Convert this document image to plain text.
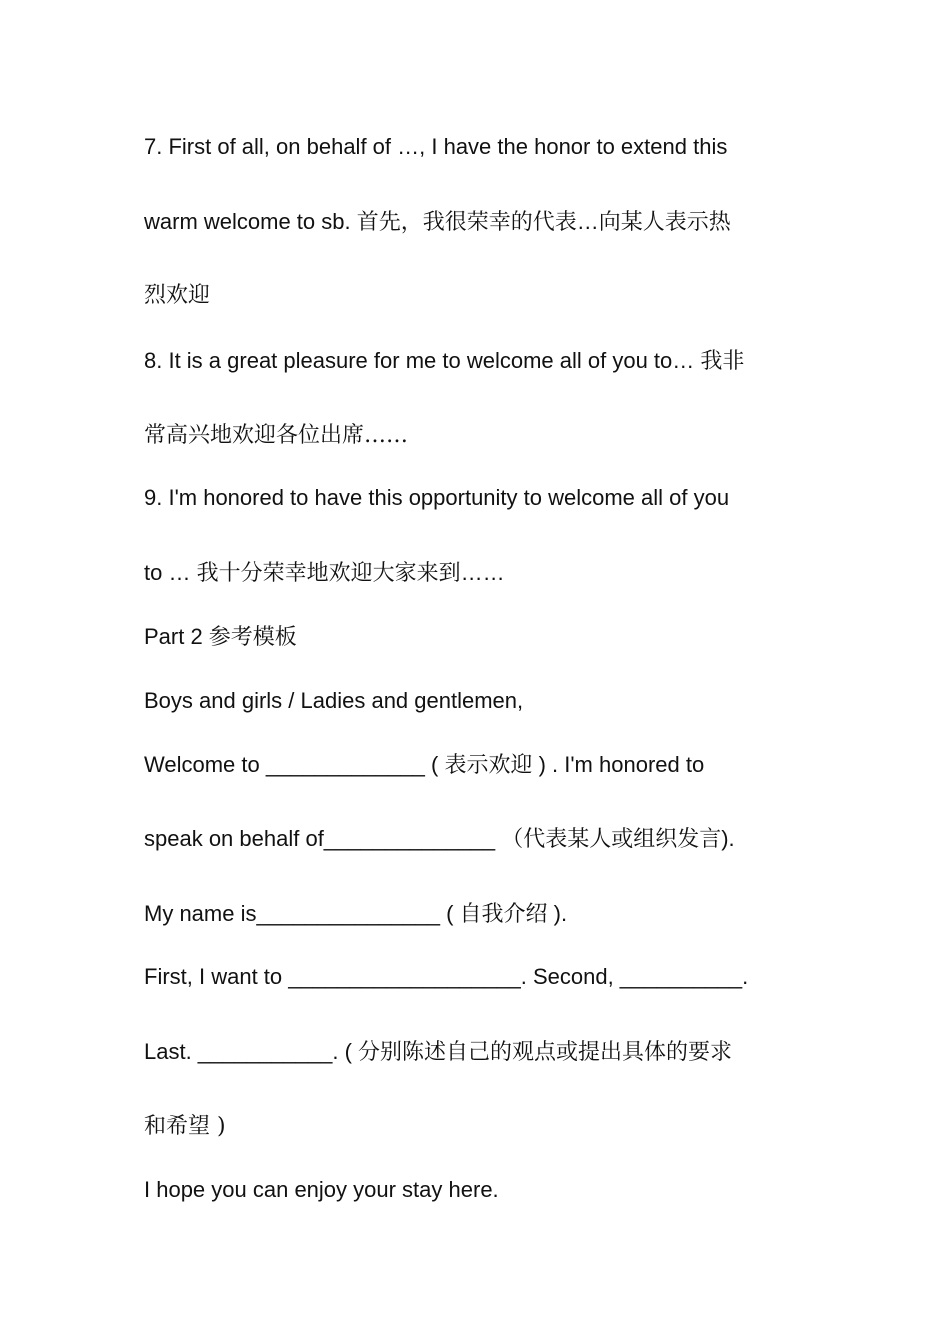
7. First of all, on behalf of …, I have the honor to extend this
warm welcome to sb. 首先，我很荣幸的代表…向某人表示热
烈欢迎
8. It is a great pleasure for me to welcome all of you to… 我非
常高兴地欢迎各位出席……
9. I'm honored to have this opportunity to welcome all of you
to … 我十分荣幸地欢迎大家来到……
Part 2 参考模板
Boys and girls / Ladies and gentlemen,
Welcome to _____________ ( 表示欢迎 ) . I'm honored to
speak on behalf of______________ （代表某人或组织发言).
My name is_______________ ( 自我介绍 ).
First, I want to ___________________. Second, __________.
Last. ___________. ( 分别陈述自己的观点或提出具体的要求
和希望 )
I hope you can enjoy your stay here.
